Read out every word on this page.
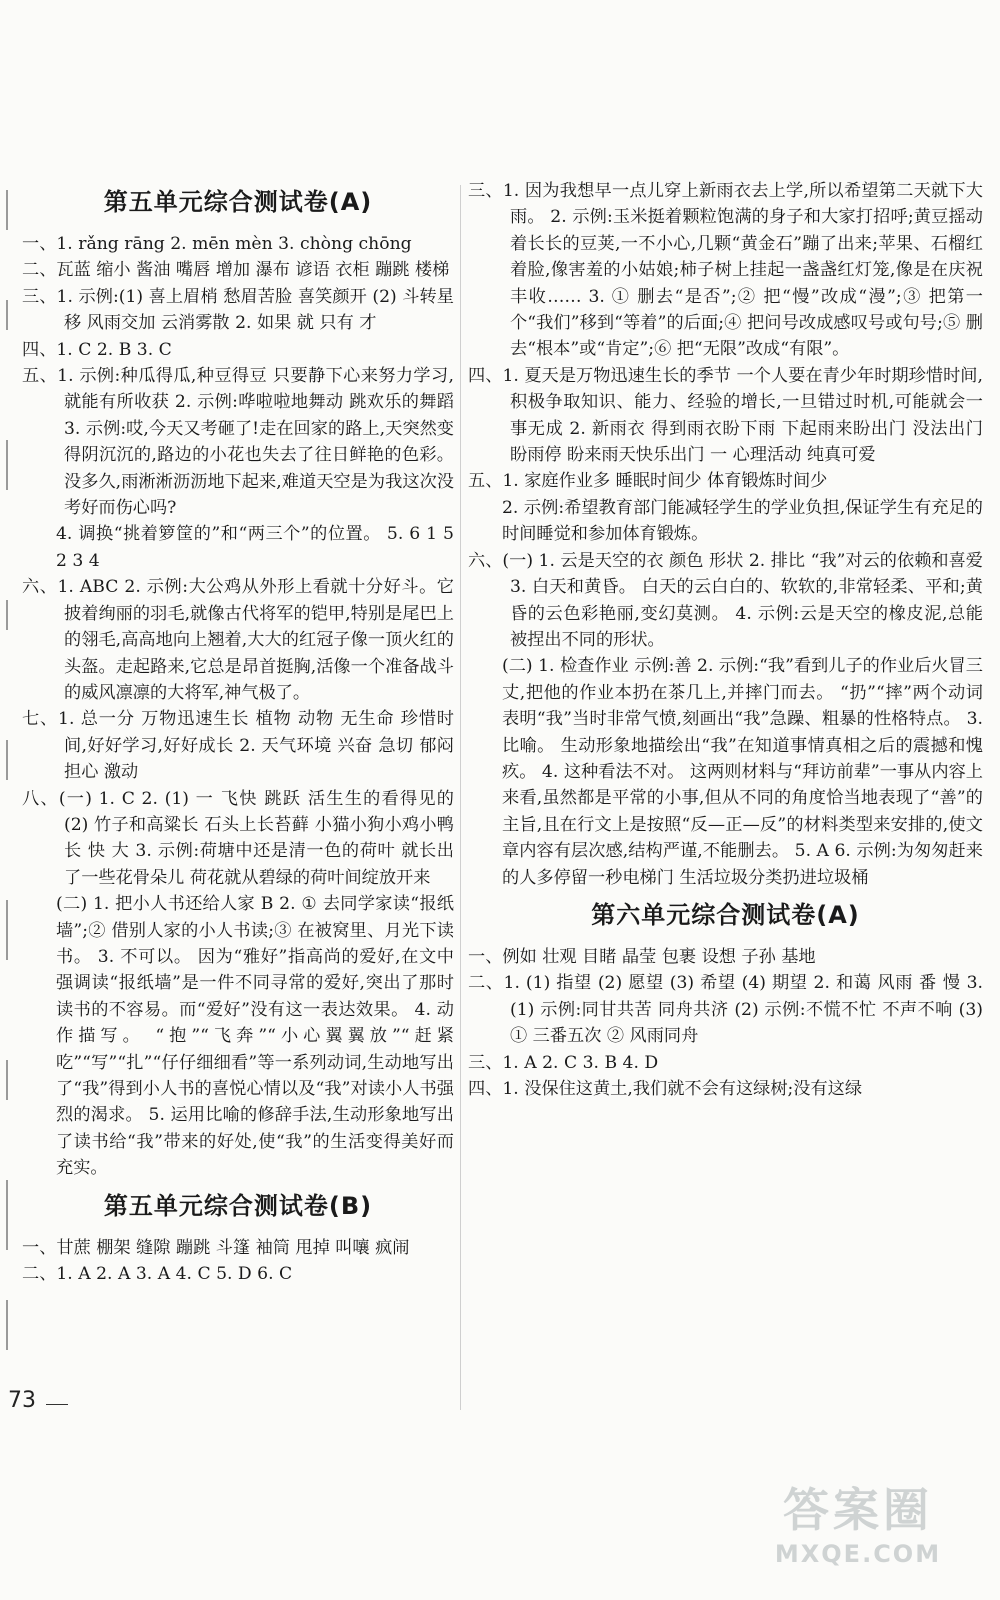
第五单元综合测试卷(A)

一、1. rǎng rāng 2. mēn mèn 3. chòng chōng

二、瓦蓝 缩小 酱油 嘴唇 增加 瀑布 谚语 衣柜 蹦跳 楼梯

三、1. 示例:(1) 喜上眉梢 愁眉苦脸 喜笑颜开 (2) 斗转星移 风雨交加 云消雾散 2. 如果 就 只有 才

四、1. C 2. B 3. C

五、1. 示例:种瓜得瓜,种豆得豆 只要静下心来努力学习,就能有所收获 2. 示例:哗啦啦地舞动 跳欢乐的舞蹈 3. 示例:哎,今天又考砸了!走在回家的路上,天突然变得阴沉沉的,路边的小花也失去了往日鲜艳的色彩。没多久,雨淅淅沥沥地下起来,难道天空是为我这次没考好而伤心吗?

4. 调换“挑着箩筐的”和“两三个”的位置。 5. 6 1 5 2 3 4

六、1. ABC 2. 示例:大公鸡从外形上看就十分好斗。它披着绚丽的羽毛,就像古代将军的铠甲,特别是尾巴上的翎毛,高高地向上翘着,大大的红冠子像一顶火红的头盔。走起路来,它总是昂首挺胸,活像一个准备战斗的威风凛凛的大将军,神气极了。

七、1. 总一分 万物迅速生长 植物 动物 无生命 珍惜时间,好好学习,好好成长 2. 天气环境 兴奋 急切 郁闷 担心 激动

八、(一) 1. C 2. (1) 一 飞快 跳跃 活生生的看得见的 (2) 竹子和高粱长 石头上长苔藓 小猫小狗小鸡小鸭长 快 大 3. 示例:荷塘中还是清一色的荷叶 就长出了一些花骨朵儿 荷花就从碧绿的荷叶间绽放开来

(二) 1. 把小人书还给人家 B 2. ① 去同学家读“报纸墙”;② 借别人家的小人书读;③ 在被窝里、月光下读书。 3. 不可以。 因为“雅好”指高尚的爱好,在文中强调读“报纸墙”是一件不同寻常的爱好,突出了那时读书的不容易。而“爱好”没有这一表达效果。 4. 动作描写。 “抱”“飞奔”“小心翼翼放”“赶紧吃”“写”“扎”“仔仔细细看”等一系列动词,生动地写出了“我”得到小人书的喜悦心情以及“我”对读小人书强烈的渴求。 5. 运用比喻的修辞手法,生动形象地写出了读书给“我”带来的好处,使“我”的生活变得美好而充实。

第五单元综合测试卷(B)

一、甘蔗 棚架 缝隙 蹦跳 斗篷 袖筒 甩掉 叫嚷 疯闹

二、1. A 2. A 3. A 4. C 5. D 6. C

三、1. 因为我想早一点儿穿上新雨衣去上学,所以希望第二天就下大雨。 2. 示例:玉米挺着颗粒饱满的身子和大家打招呼;黄豆摇动着长长的豆荚,一不小心,几颗“黄金石”蹦了出来;苹果、石榴红着脸,像害羞的小姑娘;柿子树上挂起一盏盏红灯笼,像是在庆祝丰收…… 3. ① 删去“是否”;② 把“慢”改成“漫”;③ 把第一个“我们”移到“等着”的后面;④ 把问号改成感叹号或句号;⑤ 删去“根本”或“肯定”;⑥ 把“无限”改成“有限”。

四、1. 夏天是万物迅速生长的季节 一个人要在青少年时期珍惜时间,积极争取知识、能力、经验的增长,一旦错过时机,可能就会一事无成 2. 新雨衣 得到雨衣盼下雨 下起雨来盼出门 没法出门盼雨停 盼来雨天快乐出门 一 心理活动 纯真可爱

五、1. 家庭作业多 睡眠时间少 体育锻炼时间少

2. 示例:希望教育部门能减轻学生的学业负担,保证学生有充足的时间睡觉和参加体育锻炼。

六、(一) 1. 云是天空的衣 颜色 形状 2. 排比 “我”对云的依赖和喜爱 3. 白天和黄昏。 白天的云白白的、软软的,非常轻柔、平和;黄昏的云色彩艳丽,变幻莫测。 4. 示例:云是天空的橡皮泥,总能被捏出不同的形状。

(二) 1. 检查作业 示例:善 2. 示例:“我”看到儿子的作业后火冒三丈,把他的作业本扔在茶几上,并摔门而去。 “扔”“摔”两个动词表明“我”当时非常气愤,刻画出“我”急躁、粗暴的性格特点。 3. 比喻。 生动形象地描绘出“我”在知道事情真相之后的震撼和愧疚。 4. 这种看法不对。 这两则材料与“拜访前辈”一事从内容上来看,虽然都是平常的小事,但从不同的角度恰当地表现了“善”的主旨,且在行文上是按照“反—正—反”的材料类型来安排的,使文章内容有层次感,结构严谨,不能删去。 5. A 6. 示例:为匆匆赶来的人多停留一秒电梯门 生活垃圾分类扔进垃圾桶

第六单元综合测试卷(A)

一、例如 壮观 目睹 晶莹 包裹 设想 子孙 基地

二、1. (1) 指望 (2) 愿望 (3) 希望 (4) 期望 2. 和蔼 风雨 番 慢 3. (1) 示例:同甘共苦 同舟共济 (2) 示例:不慌不忙 不声不响 (3) ① 三番五次 ② 风雨同舟

三、1. A 2. C 3. B 4. D

四、1. 没保住这黄土,我们就不会有这绿树;没有这绿

73
答案圈
MXQE.COM
